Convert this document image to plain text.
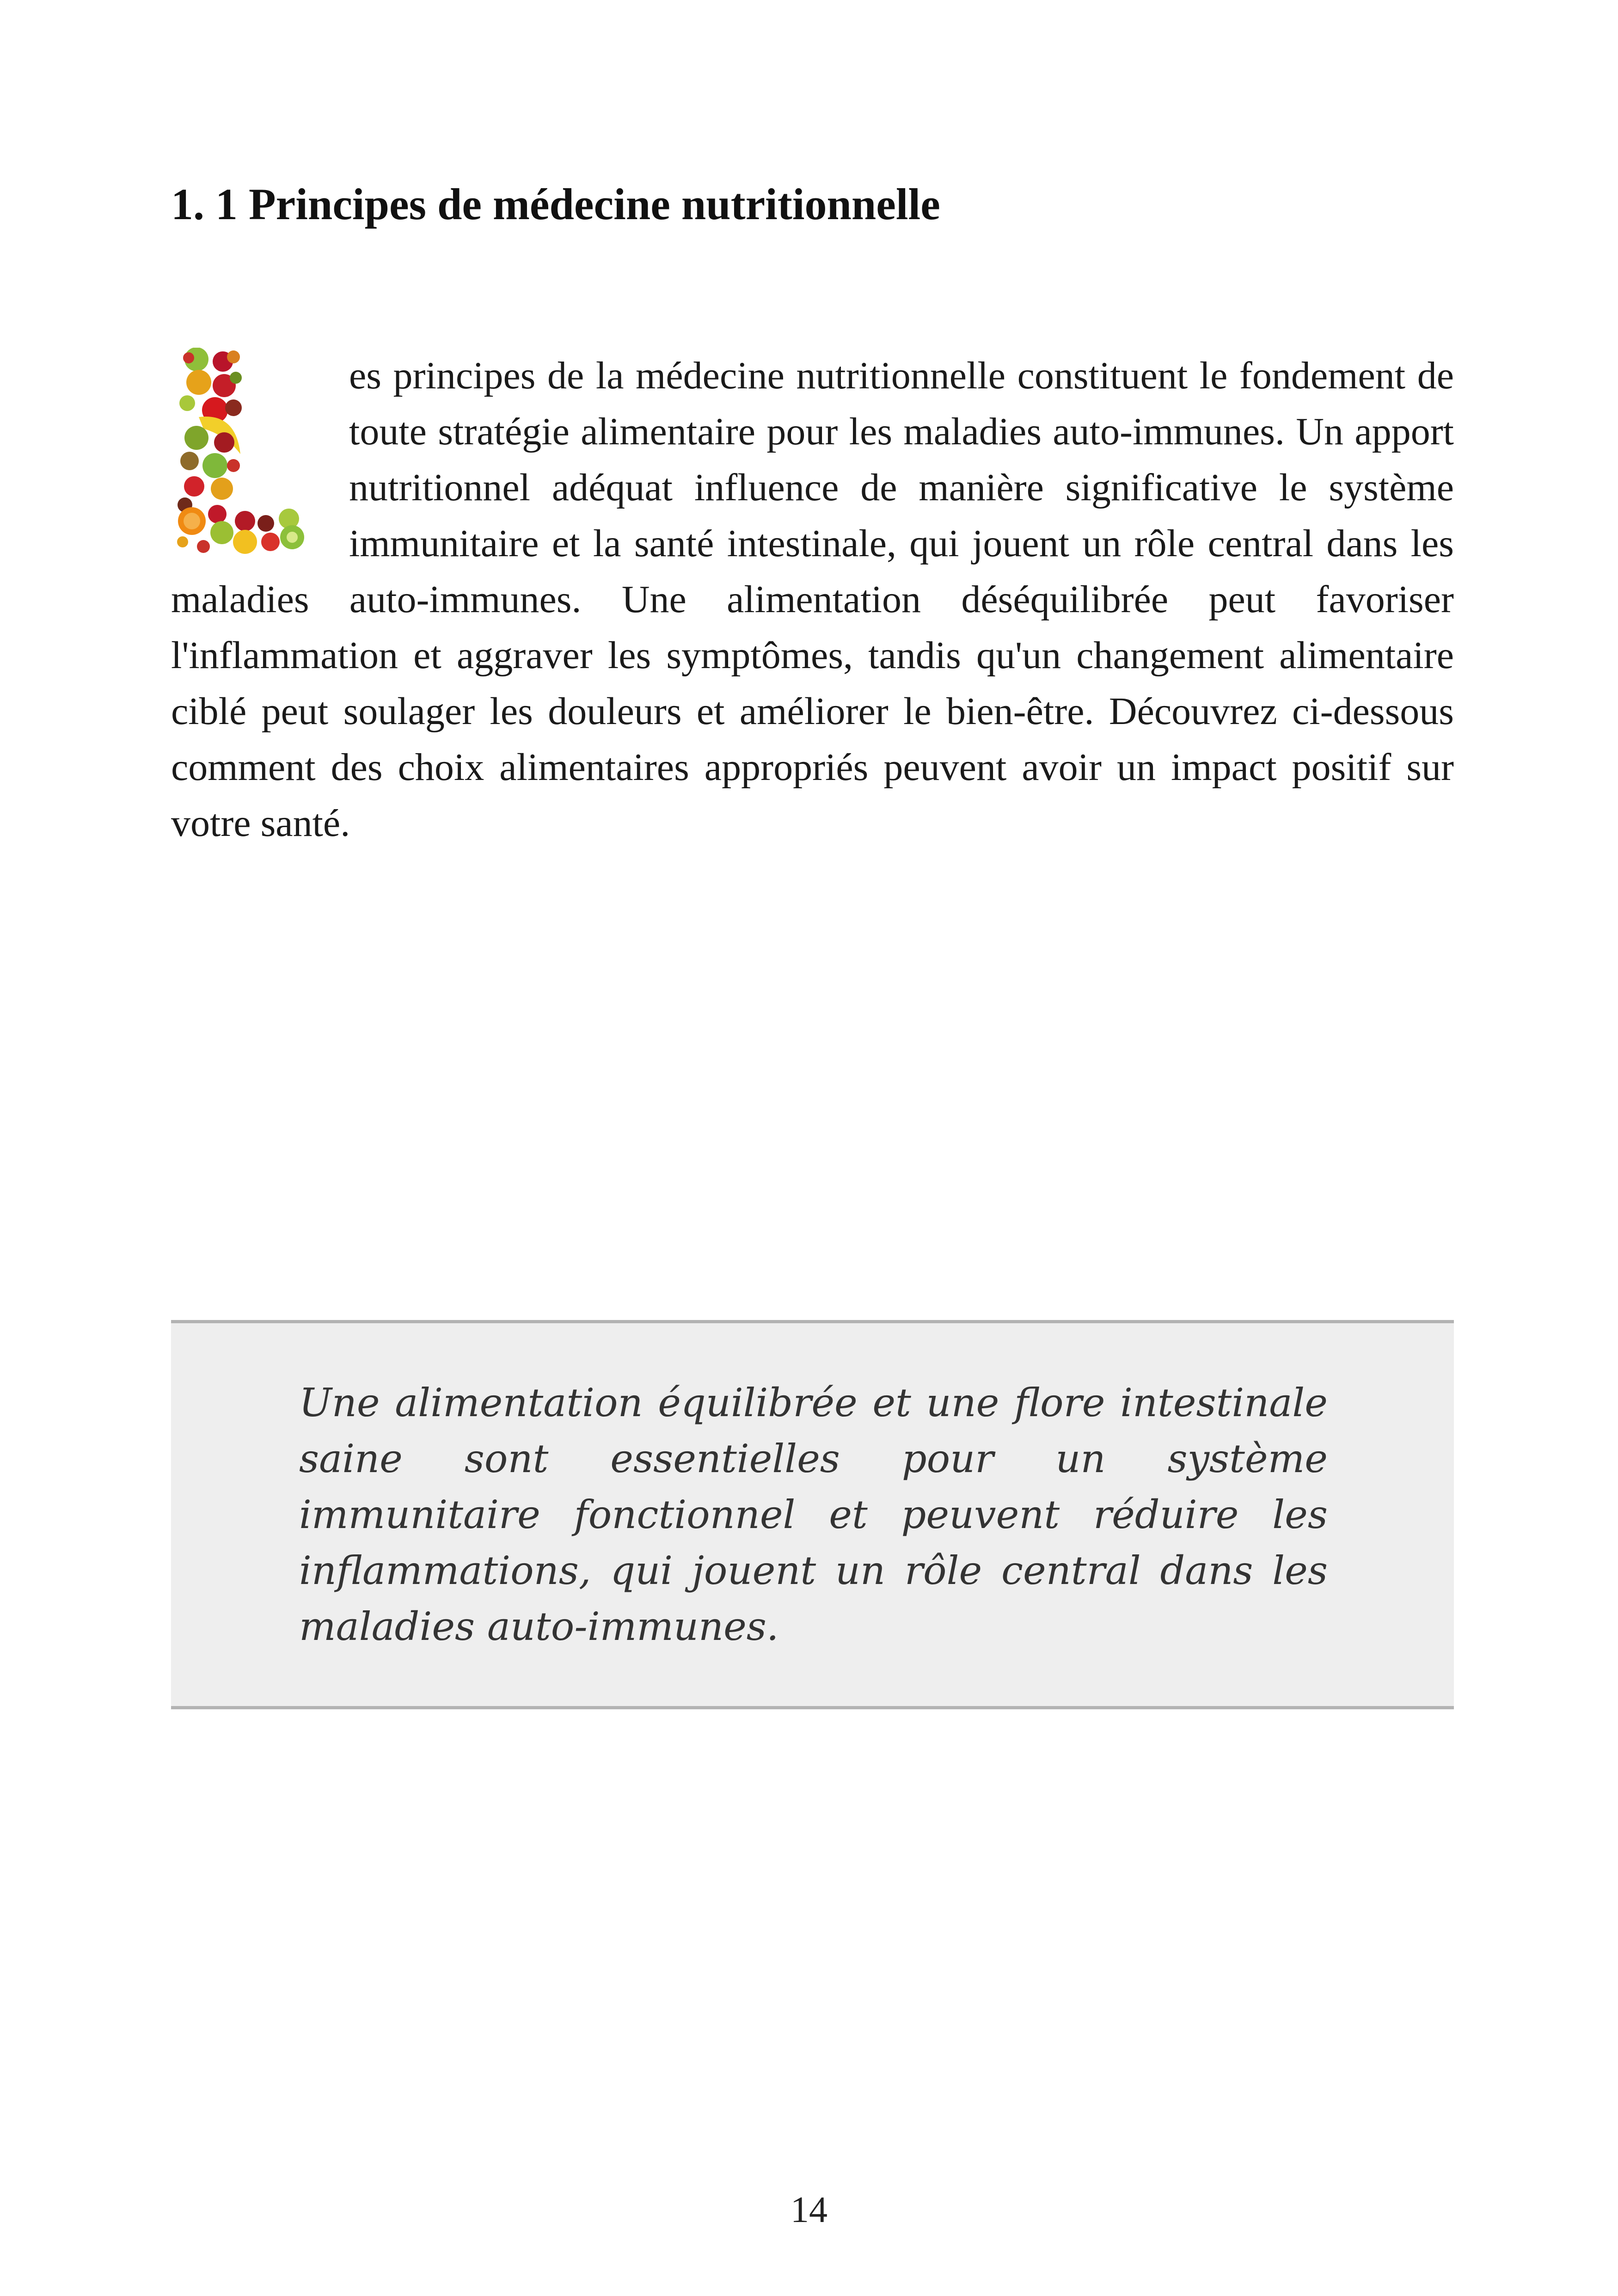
1. 1 Principes de médecine nutritionnelle

es principes de la médecine nutritionnelle constituent le fondement de toute stratégie alimentaire pour les maladies auto-immunes. Un apport nutritionnel adéquat influence de manière significative le système immunitaire et la santé intestinale, qui jouent un rôle central dans les maladies auto-immunes. Une alimentation déséquilibrée peut favoriser l'inflammation et aggraver les symptômes, tandis qu'un changement alimentaire ciblé peut soulager les douleurs et améliorer le bien-être. Découvrez ci-dessous comment des choix alimentaires appropriés peuvent avoir un impact positif sur votre santé.

Une alimentation équilibrée et une flore intestinale saine sont essentielles pour un système immunitaire fonctionnel et peuvent réduire les inflammations, qui jouent un rôle central dans les maladies auto-immunes.

14
